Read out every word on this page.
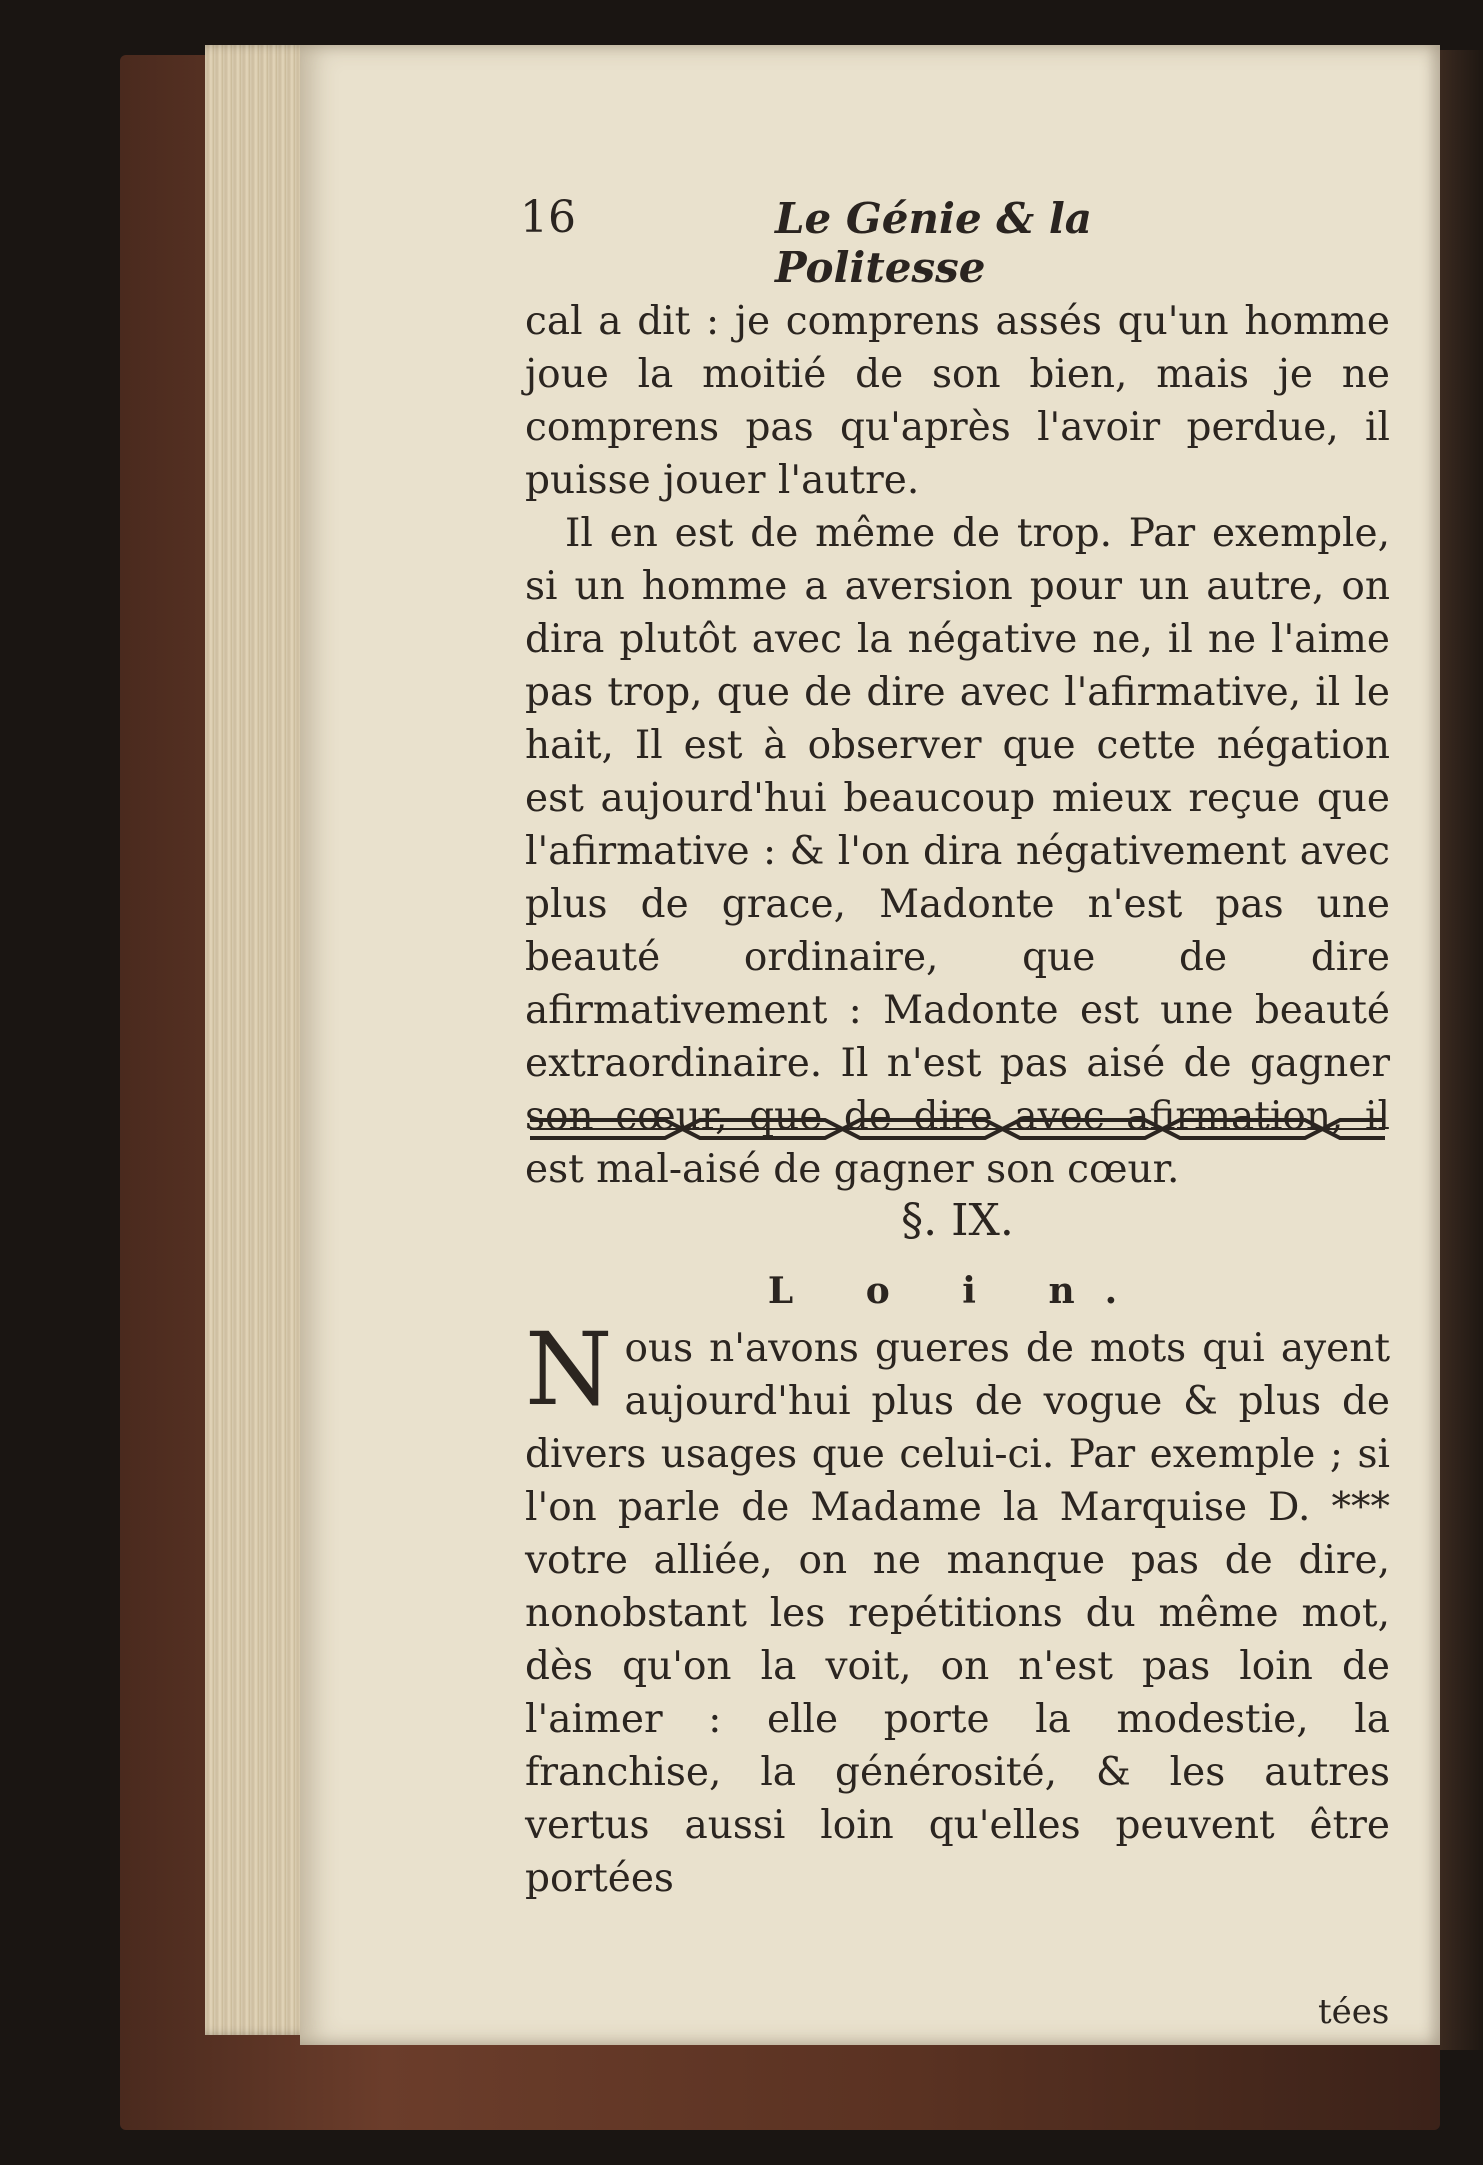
16	Le Génie & la Politesse

cal a dit : je comprens assés qu'un homme joue la moitié de son bien, mais je ne comprens pas qu'après l'avoir perdue, il puisse jouer l'autre.

Il en est de même de trop. Par exemple, si un homme a aversion pour un autre, on dira plutôt avec la négative ne, il ne l'aime pas trop, que de dire avec l'afirmative, il le hait, Il est à observer que cette négation est aujourd'hui beaucoup mieux reçue que l'afirmative : & l'on dira négativement avec plus de grace, Madonte n'est pas une beauté ordinaire, que de dire afirmativement : Madonte est une beauté extraordinaire. Il n'est pas aisé de gagner son cœur, que de dire avec afirmation, il est mal-aisé de gagner son cœur.

§. IX.
L o i n.
N ous n'avons gueres de mots qui ayent aujourd'hui plus de vogue & plus de divers usages que celui-ci. Par exemple ; si l'on parle de Madame la Marquise D. *** votre alliée, on ne manque pas de dire, nonobstant les repétitions du même mot, dès qu'on la voit, on n'est pas loin de l'aimer : elle porte la modestie, la franchise, la générosité, & les autres vertus aussi loin qu'elles peuvent être portées
tées
